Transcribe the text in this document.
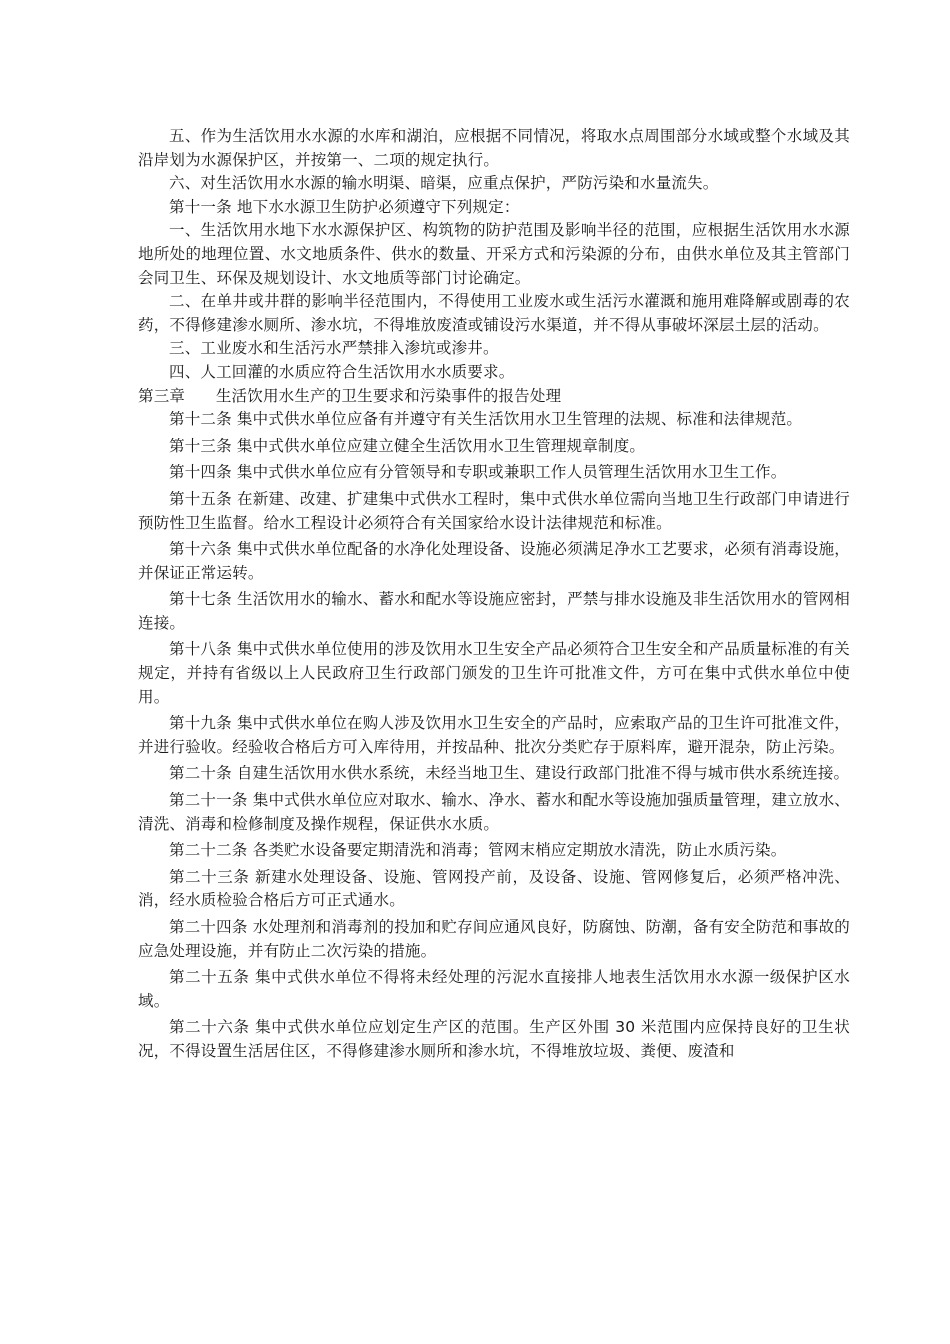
五、作为生活饮用水水源的水库和湖泊，应根据不同情况，将取水点周围部分水域或整个水域及其沿岸划为水源保护区，并按第一、二项的规定执行。

六、对生活饮用水水源的输水明渠、暗渠，应重点保护，严防污染和水量流失。

第十一条 地下水水源卫生防护必须遵守下列规定：

一、生活饮用水地下水水源保护区、构筑物的防护范围及影响半径的范围，应根据生活饮用水水源地所处的地理位置、水文地质条件、供水的数量、开采方式和污染源的分布，由供水单位及其主管部门会同卫生、环保及规划设计、水文地质等部门讨论确定。

二、在单井或井群的影响半径范围内，不得使用工业废水或生活污水灌溉和施用难降解或剧毒的农药，不得修建渗水厕所、渗水坑，不得堆放废渣或铺设污水渠道，并不得从事破坏深层土层的活动。

三、工业废水和生活污水严禁排入渗坑或渗井。

四、人工回灌的水质应符合生活饮用水水质要求。

第三章      生活饮用水生产的卫生要求和污染事件的报告处理

第十二条 集中式供水单位应备有并遵守有关生活饮用水卫生管理的法规、标准和法律规范。

第十三条 集中式供水单位应建立健全生活饮用水卫生管理规章制度。

第十四条 集中式供水单位应有分管领导和专职或兼职工作人员管理生活饮用水卫生工作。

第十五条 在新建、改建、扩建集中式供水工程时，集中式供水单位需向当地卫生行政部门申请进行预防性卫生监督。给水工程设计必须符合有关国家给水设计法律规范和标准。

第十六条 集中式供水单位配备的水净化处理设备、设施必须满足净水工艺要求，必须有消毒设施，并保证正常运转。

第十七条 生活饮用水的输水、蓄水和配水等设施应密封，严禁与排水设施及非生活饮用水的管网相连接。

第十八条 集中式供水单位使用的涉及饮用水卫生安全产品必须符合卫生安全和产品质量标准的有关规定，并持有省级以上人民政府卫生行政部门颁发的卫生许可批准文件，方可在集中式供水单位中使用。

第十九条 集中式供水单位在购人涉及饮用水卫生安全的产品时，应索取产品的卫生许可批准文件，并进行验收。经验收合格后方可入库待用，并按品种、批次分类贮存于原料库，避开混杂，防止污染。

第二十条 自建生活饮用水供水系统，未经当地卫生、建设行政部门批准不得与城市供水系统连接。

第二十一条 集中式供水单位应对取水、输水、净水、蓄水和配水等设施加强质量管理，建立放水、清洗、消毒和检修制度及操作规程，保证供水水质。

第二十二条 各类贮水设备要定期清洗和消毒；管网末梢应定期放水清洗，防止水质污染。

第二十三条 新建水处理设备、设施、管网投产前，及设备、设施、管网修复后，必须严格冲洗、消，经水质检验合格后方可正式通水。

第二十四条 水处理剂和消毒剂的投加和贮存间应通风良好，防腐蚀、防潮，备有安全防范和事故的应急处理设施，并有防止二次污染的措施。

第二十五条 集中式供水单位不得将未经处理的污泥水直接排人地表生活饮用水水源一级保护区水域。

第二十六条 集中式供水单位应划定生产区的范围。生产区外围 30 米范围内应保持良好的卫生状况，不得设置生活居住区，不得修建渗水厕所和渗水坑，不得堆放垃圾、粪便、废渣和
